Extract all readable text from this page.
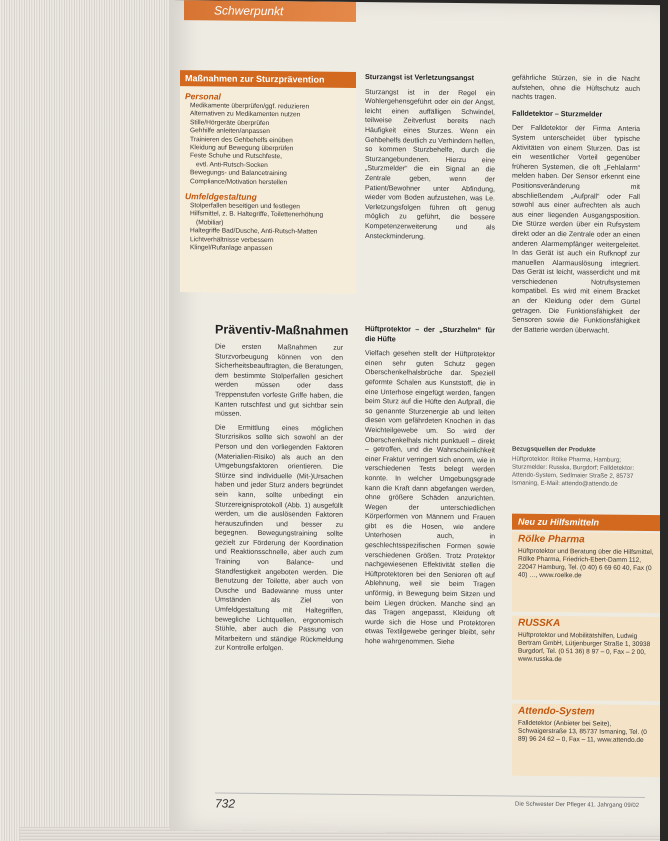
Schwerpunkt
Maßnahmen zur Sturzprävention
Personal
Medikamente überprüfen/ggf. reduzieren
Alternativen zu Medikamenten nutzen
Stille/Hörgeräte überprüfen
Gehhilfe anleiten/anpassen
Trainieren des Gehbehelfs einüben
Kleidung auf Bewegung überprüfen
Feste Schuhe und Rutschfeste,
evtl. Anti-Rutsch-Socken
Bewegungs- und Balancetraining
Compliance/Motivation herstellen
Umfeldgestaltung
Stolperfallen beseitigen und festlegen
Hilfsmittel, z. B. Haltegriffe, Toilettenerhöhung
(Mobiliar)
Haltegriffe Bad/Dusche, Anti-Rutsch-Matten
Lichtverhältnisse verbessern
Klingel/Rufanlage anpassen
Präventiv-Maßnahmen

Die ersten Maßnahmen zur Sturzvorbeugung können von den Sicherheitsbeauftragten, die Beratungen, dem bestimmte Stolperfallen gesichert werden müssen oder dass Treppenstufen vorfeste Griffe haben, die Kanten rutschfest und gut sichtbar sein müssen.

Die Ermittlung eines möglichen Sturzrisikos sollte sich sowohl an der Person und den vorliegenden Faktoren (Materialien-Risiko) als auch an den Umgebungsfaktoren orientieren. Die Stürze sind individuelle (Mit-)Ursachen haben und jeder Sturz anders begründet sein kann, sollte unbedingt ein Sturzereignisprotokoll (Abb. 1) ausgefüllt werden, um die auslösenden Faktoren herauszufinden und besser zu begegnen. Bewegungstraining sollte gezielt zur Förderung der Koordination und Reaktionsschnelle, aber auch zum Training von Balance- und Standfestigkeit angeboten werden. Die Benutzung der Toilette, aber auch von Dusche und Badewanne muss unter Umständen als Ziel von Umfeldgestaltung mit Haltegriffen, bewegliche Lichtquellen, ergonomisch Stühle, aber auch die Passung von Mitarbeitern und ständige Rückmeldung zur Kontrolle erfolgen.

Sturzangst ist Verletzungsangst

Sturzangst ist in der Regel ein Wohlergehensgeführt oder ein der Angst, leicht einen auffälligen Schwindel, teilweise Zeitverlust bereits nach Häufigkeit eines Sturzes. Wenn ein Gehbehelfs deutlich zu Verhindern helfen, so kommen Sturzbehelfe, durch die Sturzangebundenen. Hierzu eine „Sturzmelder“ die ein Signal an die Zentrale geben, wenn der Patient/Bewohner unter Abfindung, wieder vom Boden aufzustehen, was Le. Verletzungsfolgen führen oft genug möglich zu geführt, die bessere Kompetenzerweiterung und als Ansteckminderung.

Hüftprotektor – der „Sturzhelm“ für die Hüfte

Vielfach gesehen stellt der Hüftprotektor einen sehr guten Schutz gegen Oberschenkelhalsbrüche dar. Speziell geformte Schalen aus Kunststoff, die in eine Unterhose eingefügt werden, fangen beim Sturz auf die Hüfte den Aufprall, die so genannte Sturzenergie ab und leiten diesen vom gefährdeten Knochen in das Weichteilgewebe um. So wird der Oberschenkelhals nicht punktuell – direkt – getroffen, und die Wahrscheinlichkeit einer Fraktur verringert sich enorm, wie in verschiedenen Tests belegt werden konnte. In welcher Umgebungsgrade kann die Kraft dann abgefangen werden, ohne größere Schäden anzurichten. Wegen der unterschiedlichen Körperformen von Männern und Frauen gibt es die Hosen, wie andere Unterhosen auch, in geschlechtsspezifischen Formen sowie verschiedenen Größen. Trotz Protektor nachgewiesenen Effektivität stellen die Hüftprotektoren bei den Senioren oft auf Ablehnung, weil sie beim Tragen unförmig, in Bewegung beim Sitzen und beim Liegen drücken. Manche sind an das Tragen angepasst, Kleidung oft wurde sich die Hose und Protektoren etwas Textilgewebe geringer bleibt, sehr hohe wahrgenommen. Siehe

gefährliche Stürzen, sie in die Nacht aufstehen, ohne die Hüftschutz auch nachts tragen.

Falldetektor – Sturzmelder

Der Falldetektor der Firma Anteria System unterscheidet über typische Aktivitäten von einem Sturzen. Das ist ein wesentlicher Vorteil gegenüber früheren Systemen, die oft „Fehlalarm“ melden haben. Der Sensor erkennt eine Positionsveränderung mit abschließendem „Aufprall“ oder Fall sowohl aus einer aufrechten als auch aus einer liegenden Ausgangsposition. Die Stürze werden über ein Rufsystem direkt oder an die Zentrale oder an einen anderen Alarmempfänger weitergeleitet. In das Gerät ist auch ein Rufknopf zur manuellen Alarmauslösung integriert. Das Gerät ist leicht, wasserdicht und mit verschiedenen Notrufsystemen kompatibel. Es wird mit einem Bracket an der Kleidung oder dem Gürtel getragen. Die Funktionsfähigkeit der Sensoren sowie die Funktionsfähigkeit der Batterie werden überwacht.

Bezugsquellen der Produkte
Hüftprotektor: Rölke Pharma, Hamburg; Sturzmelder: Russka, Burgdorf; Falldetektor: Attendo-System, Sedlmaier Straße 2, 85737 Ismaning, E-Mail: attendo@attendo.de
Neu zu Hilfsmitteln
Rölke Pharma
Hüftprotektor und Beratung über die Hilfsmittel, Rölke Pharma, Friedrich-Ebert-Damm 112, 22047 Hamburg, Tel. (0 40) 6 69 60 40, Fax (0 40) …, www.roelke.de
RUSSKA
Hüftprotektor und Mobilitätshilfen, Ludwig Bertram GmbH, Lütjenburger Straße 1, 30938 Burgdorf, Tel. (0 51 36) 8 97 – 0, Fax – 2 00, www.russka.de
Attendo-System
Falldetektor (Anbieter bei Seite), Schwaigerstraße 13, 85737 Ismaning, Tel. (0 89) 96 24 62 – 0, Fax – 11, www.attendo.de
732	Die Schwester Der Pfleger 41. Jahrgang 09/02
